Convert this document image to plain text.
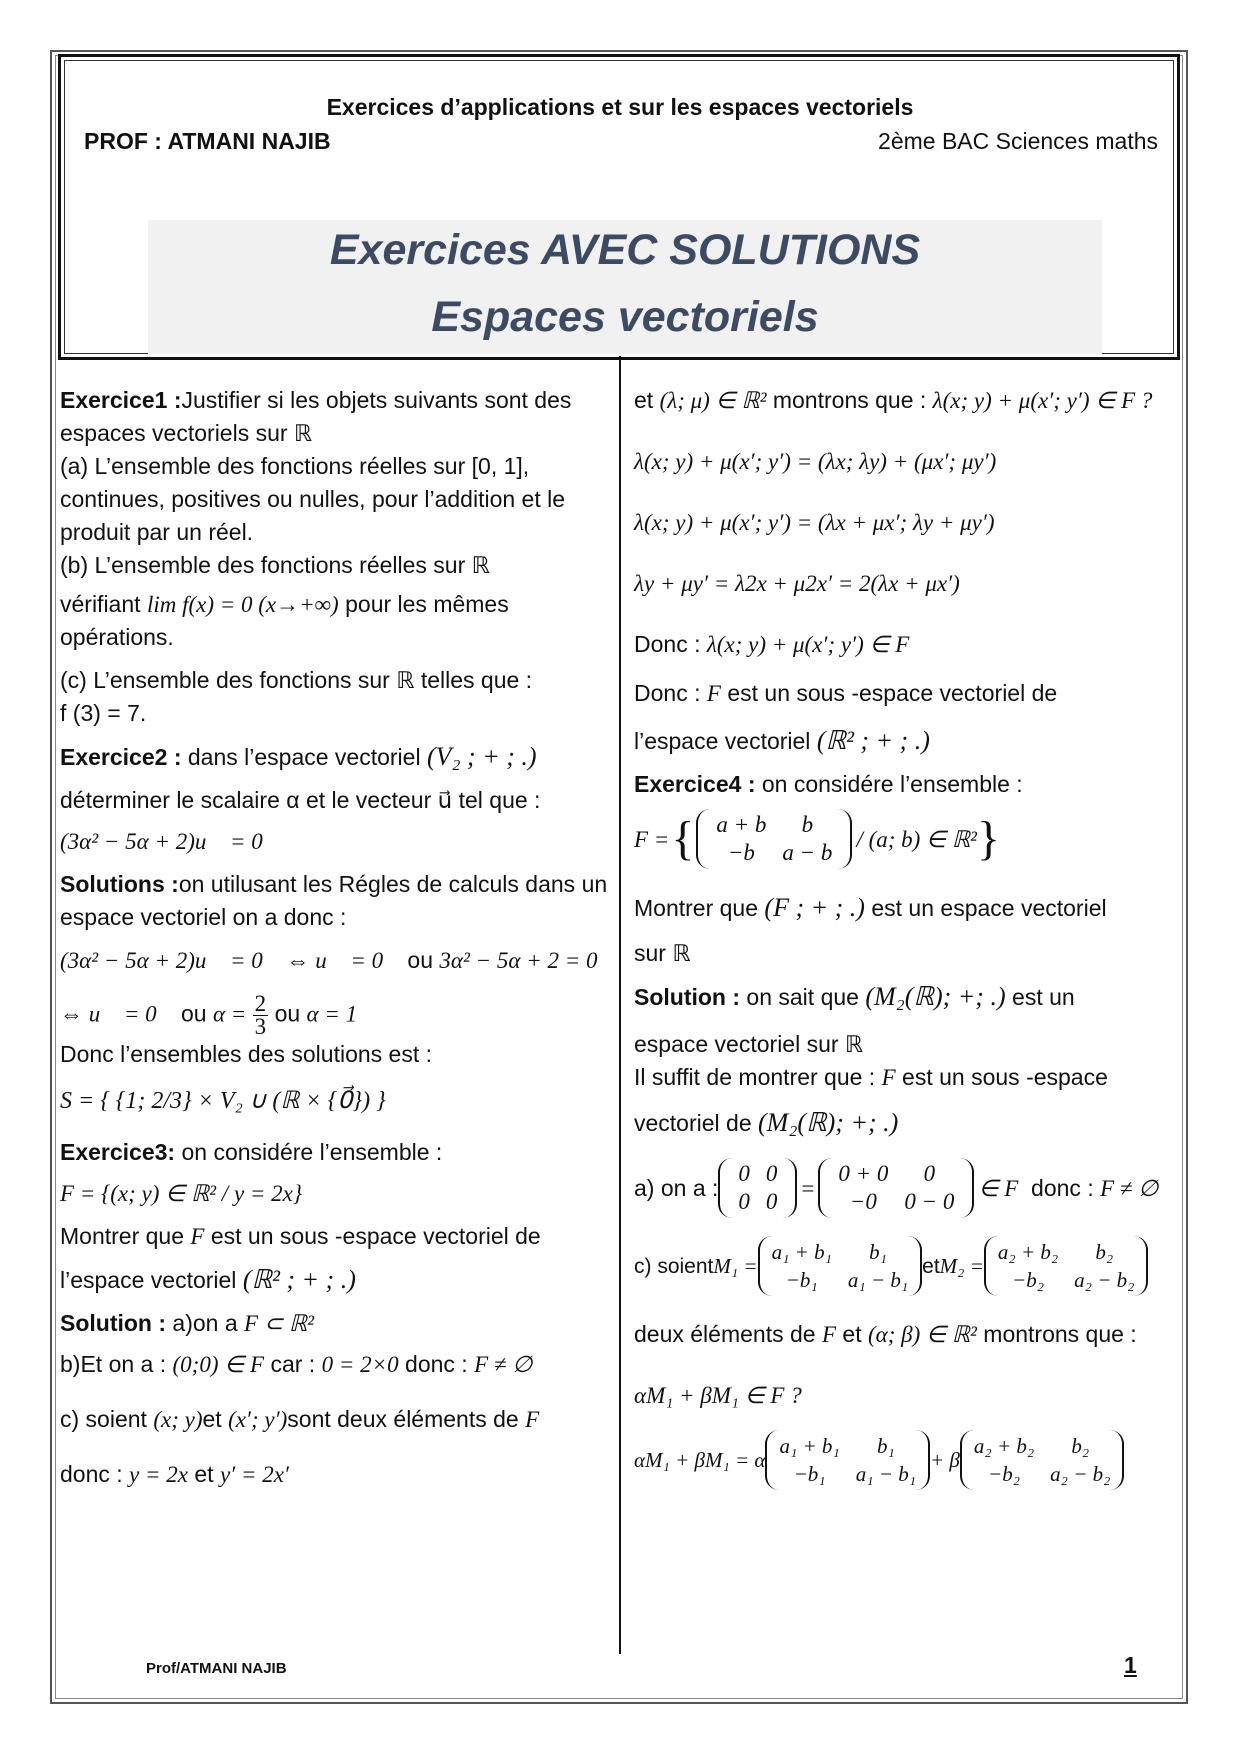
Exercices d’applications et sur les espaces vectoriels
PROF : ATMANI NAJIB	2ème BAC Sciences maths
Exercices AVEC SOLUTIONS
Espaces vectoriels

Exercice1 :Justifier si les objets suivants sont des espaces vectoriels sur ℝ

(a) L’ensemble des fonctions réelles sur [0, 1], continues, positives ou nulles, pour l’addition et le produit par un réel.

(b) L’ensemble des fonctions réelles sur ℝ

vérifiant lim f(x) = 0 (x→+∞) pour les mêmes opérations.

(c) L’ensemble des fonctions sur ℝ telles que :

f (3) = 7.

Exercice2 : dans l’espace vectoriel (V₂ ; + ; .)

déterminer le scalaire α et le vecteur u⃗ tel que :

(3α² − 5α + 2)u⃗ = 0⃗

Solutions :on utilusant les Régles de calculs dans un espace vectoriel on a donc :

(3α² − 5α + 2)u⃗ = 0⃗ ⇔ u⃗ = 0⃗ ou 3α² − 5α + 2 = 0

⇔ u⃗ = 0⃗ ou $\alpha = \frac{2}{3}$ ou α = 1

Donc l’ensembles des solutions est :

S = { {1; 2/3} × V₂ ∪ (ℝ × {0⃗}) }

Exercice3: on considére l’ensemble :

F = {(x; y) ∈ ℝ² / y = 2x}

Montrer que F est un sous -espace vectoriel de

l’espace vectoriel (ℝ² ; + ; .)

Solution : a)on a F ⊂ ℝ²

b)Et on a : (0;0) ∈ F car : 0 = 2×0 donc : F ≠ ∅

c) soient (x; y)et (x′; y′)sont deux éléments de F

donc : y = 2x et y′ = 2x′

et (λ; μ) ∈ ℝ² montrons que : λ(x; y) + μ(x′; y′) ∈ F ?

λ(x; y) + μ(x′; y′) = (λx; λy) + (μx′; μy′)

λ(x; y) + μ(x′; y′) = (λx + μx′; λy + μy′)

λy + μy′ = λ2x + μ2x′ = 2(λx + μx′)

Donc : λ(x; y) + μ(x′; y′) ∈ F

Donc : F est un sous -espace vectoriel de

l’espace vectoriel (ℝ² ; + ; .)

Exercice4 : on considére l’ensemble :

F = { a + b	b
−b	a − b
/ (a; b) ∈ ℝ² }

Montrer que (F ; + ; .) est un espace vectoriel

sur ℝ

Solution : on sait que (M₂(ℝ); +; .) est un

espace vectoriel sur ℝ

Il suffit de montrer que : F est un sous -espace

vectoriel de (M₂(ℝ); +; .)

a) on a :
0	0
0	0
=
0 + 0	0
−0	0 − 0
∈ F donc : F ≠ ∅
c) soient M₁ =
a₁ + b₁	b₁
−b₁	a₁ − b₁
et M₂ =
a₂ + b₂	b₂
−b₂	a₂ − b₂

deux éléments de F et (α; β) ∈ ℝ² montrons que :

αM₁ + βM₁ ∈ F ?

αM₁ + βM₁ = α
a₁ + b₁	b₁
−b₁	a₁ − b₁
+ β
a₂ + b₂	b₂
−b₂	a₂ − b₂
Prof/ATMANI NAJIB	1
